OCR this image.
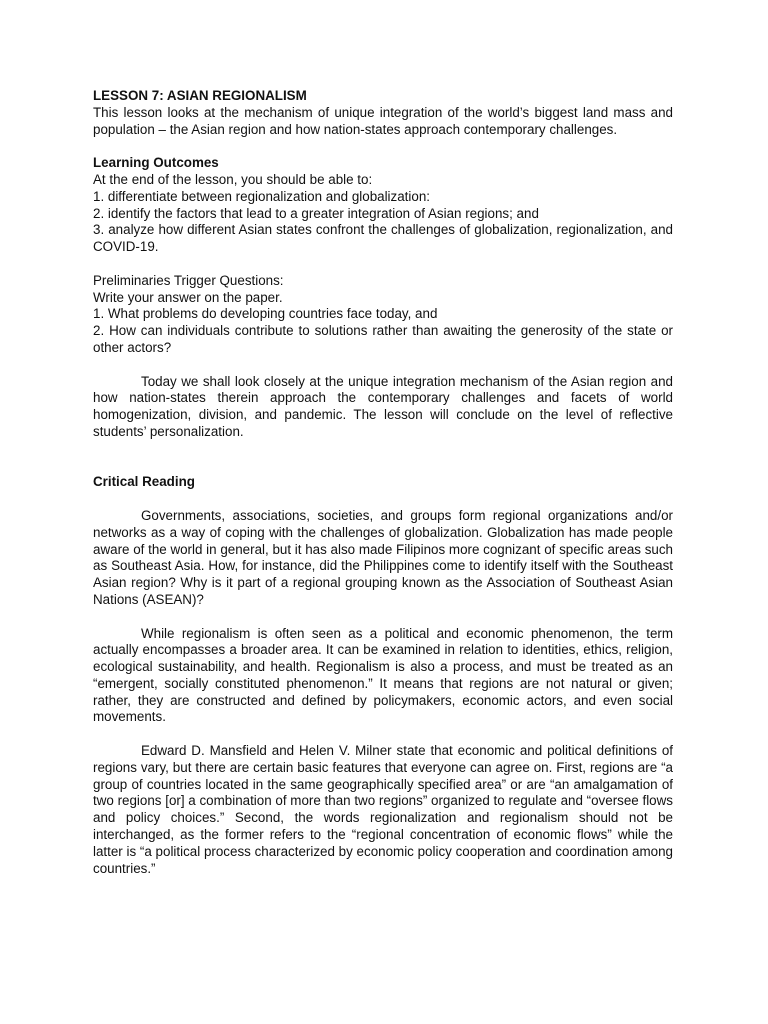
LESSON 7: ASIAN REGIONALISM

This lesson looks at the mechanism of unique integration of the world’s biggest land mass and population – the Asian region and how nation-states approach contemporary challenges.

Learning Outcomes

At the end of the lesson, you should be able to:

1. differentiate between regionalization and globalization:

2. identify the factors that lead to a greater integration of Asian regions; and

3. analyze how different Asian states confront the challenges of globalization, regionalization, and COVID-19.

Preliminaries Trigger Questions:

Write your answer on the paper.

1. What problems do developing countries face today, and

2. How can individuals contribute to solutions rather than awaiting the generosity of the state or other actors?

Today we shall look closely at the unique integration mechanism of the Asian region and how nation-states therein approach the contemporary challenges and facets of world homogenization, division, and pandemic. The lesson will conclude on the level of reflective students’ personalization.

Critical Reading

Governments, associations, societies, and groups form regional organizations and/or networks as a way of coping with the challenges of globalization. Globalization has made people aware of the world in general, but it has also made Filipinos more cognizant of specific areas such as Southeast Asia. How, for instance, did the Philippines come to identify itself with the Southeast Asian region? Why is it part of a regional grouping known as the Association of Southeast Asian Nations (ASEAN)?

While regionalism is often seen as a political and economic phenomenon, the term actually encompasses a broader area. It can be examined in relation to identities, ethics, religion, ecological sustainability, and health. Regionalism is also a process, and must be treated as an “emergent, socially constituted phenomenon.” It means that regions are not natural or given; rather, they are constructed and defined by policymakers, economic actors, and even social movements.

Edward D. Mansfield and Helen V. Milner state that economic and political definitions of regions vary, but there are certain basic features that everyone can agree on. First, regions are “a group of countries located in the same geographically specified area” or are “an amalgamation of two regions [or] a combination of more than two regions” organized to regulate and “oversee flows and policy choices.” Second, the words regionalization and regionalism should not be interchanged, as the former refers to the “regional concentration of economic flows” while the latter is “a political process characterized by economic policy cooperation and coordination among countries.”
